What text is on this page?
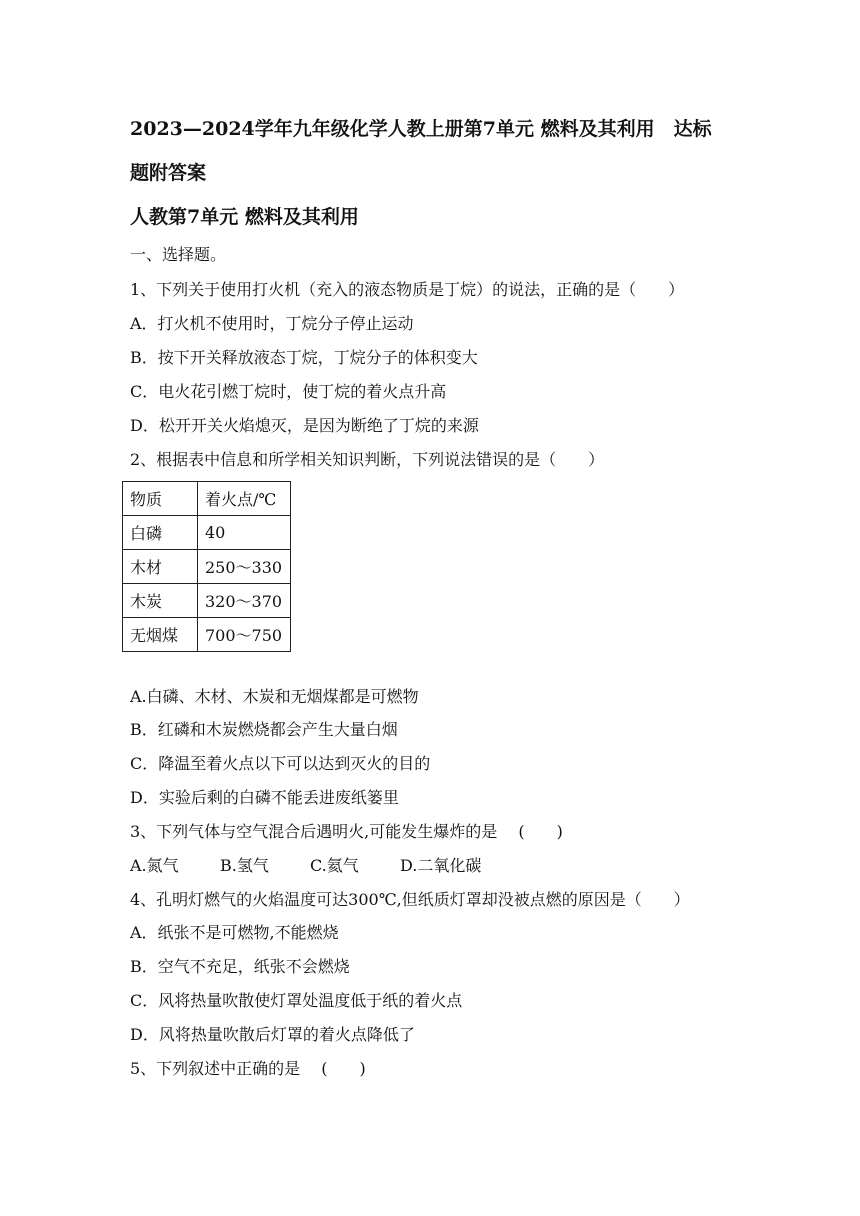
2023—2024学年九年级化学人教上册第7单元 燃料及其利用　达标
题附答案
人教第7单元 燃料及其利用
一、选择题。
1、下列关于使用打火机（充入的液态物质是丁烷）的说法，正确的是（　　）
A．打火机不使用时，丁烷分子停止运动
B．按下开关释放液态丁烷，丁烷分子的体积变大
C．电火花引燃丁烷时，使丁烷的着火点升高
D．松开开关火焰熄灭，是因为断绝了丁烷的来源
2、根据表中信息和所学相关知识判断，下列说法错误的是（　　）
物质	着火点/℃
白磷	40
木材	250～330
木炭	320～370
无烟煤	700～750
A.白磷、木材、木炭和无烟煤都是可燃物
B．红磷和木炭燃烧都会产生大量白烟
C．降温至着火点以下可以达到灭火的目的
D．实验后剩的白磷不能丢进废纸篓里
3、下列气体与空气混合后遇明火,可能发生爆炸的是　 (　　)
A.氮气	B.氢气	C.氦气	D.二氧化碳
4、孔明灯燃气的火焰温度可达300℃,但纸质灯罩却没被点燃的原因是（　　）
A．纸张不是可燃物,不能燃烧
B．空气不充足，纸张不会燃烧
C．风将热量吹散使灯罩处温度低于纸的着火点
D．风将热量吹散后灯罩的着火点降低了
5、下列叙述中正确的是　 (　　)
